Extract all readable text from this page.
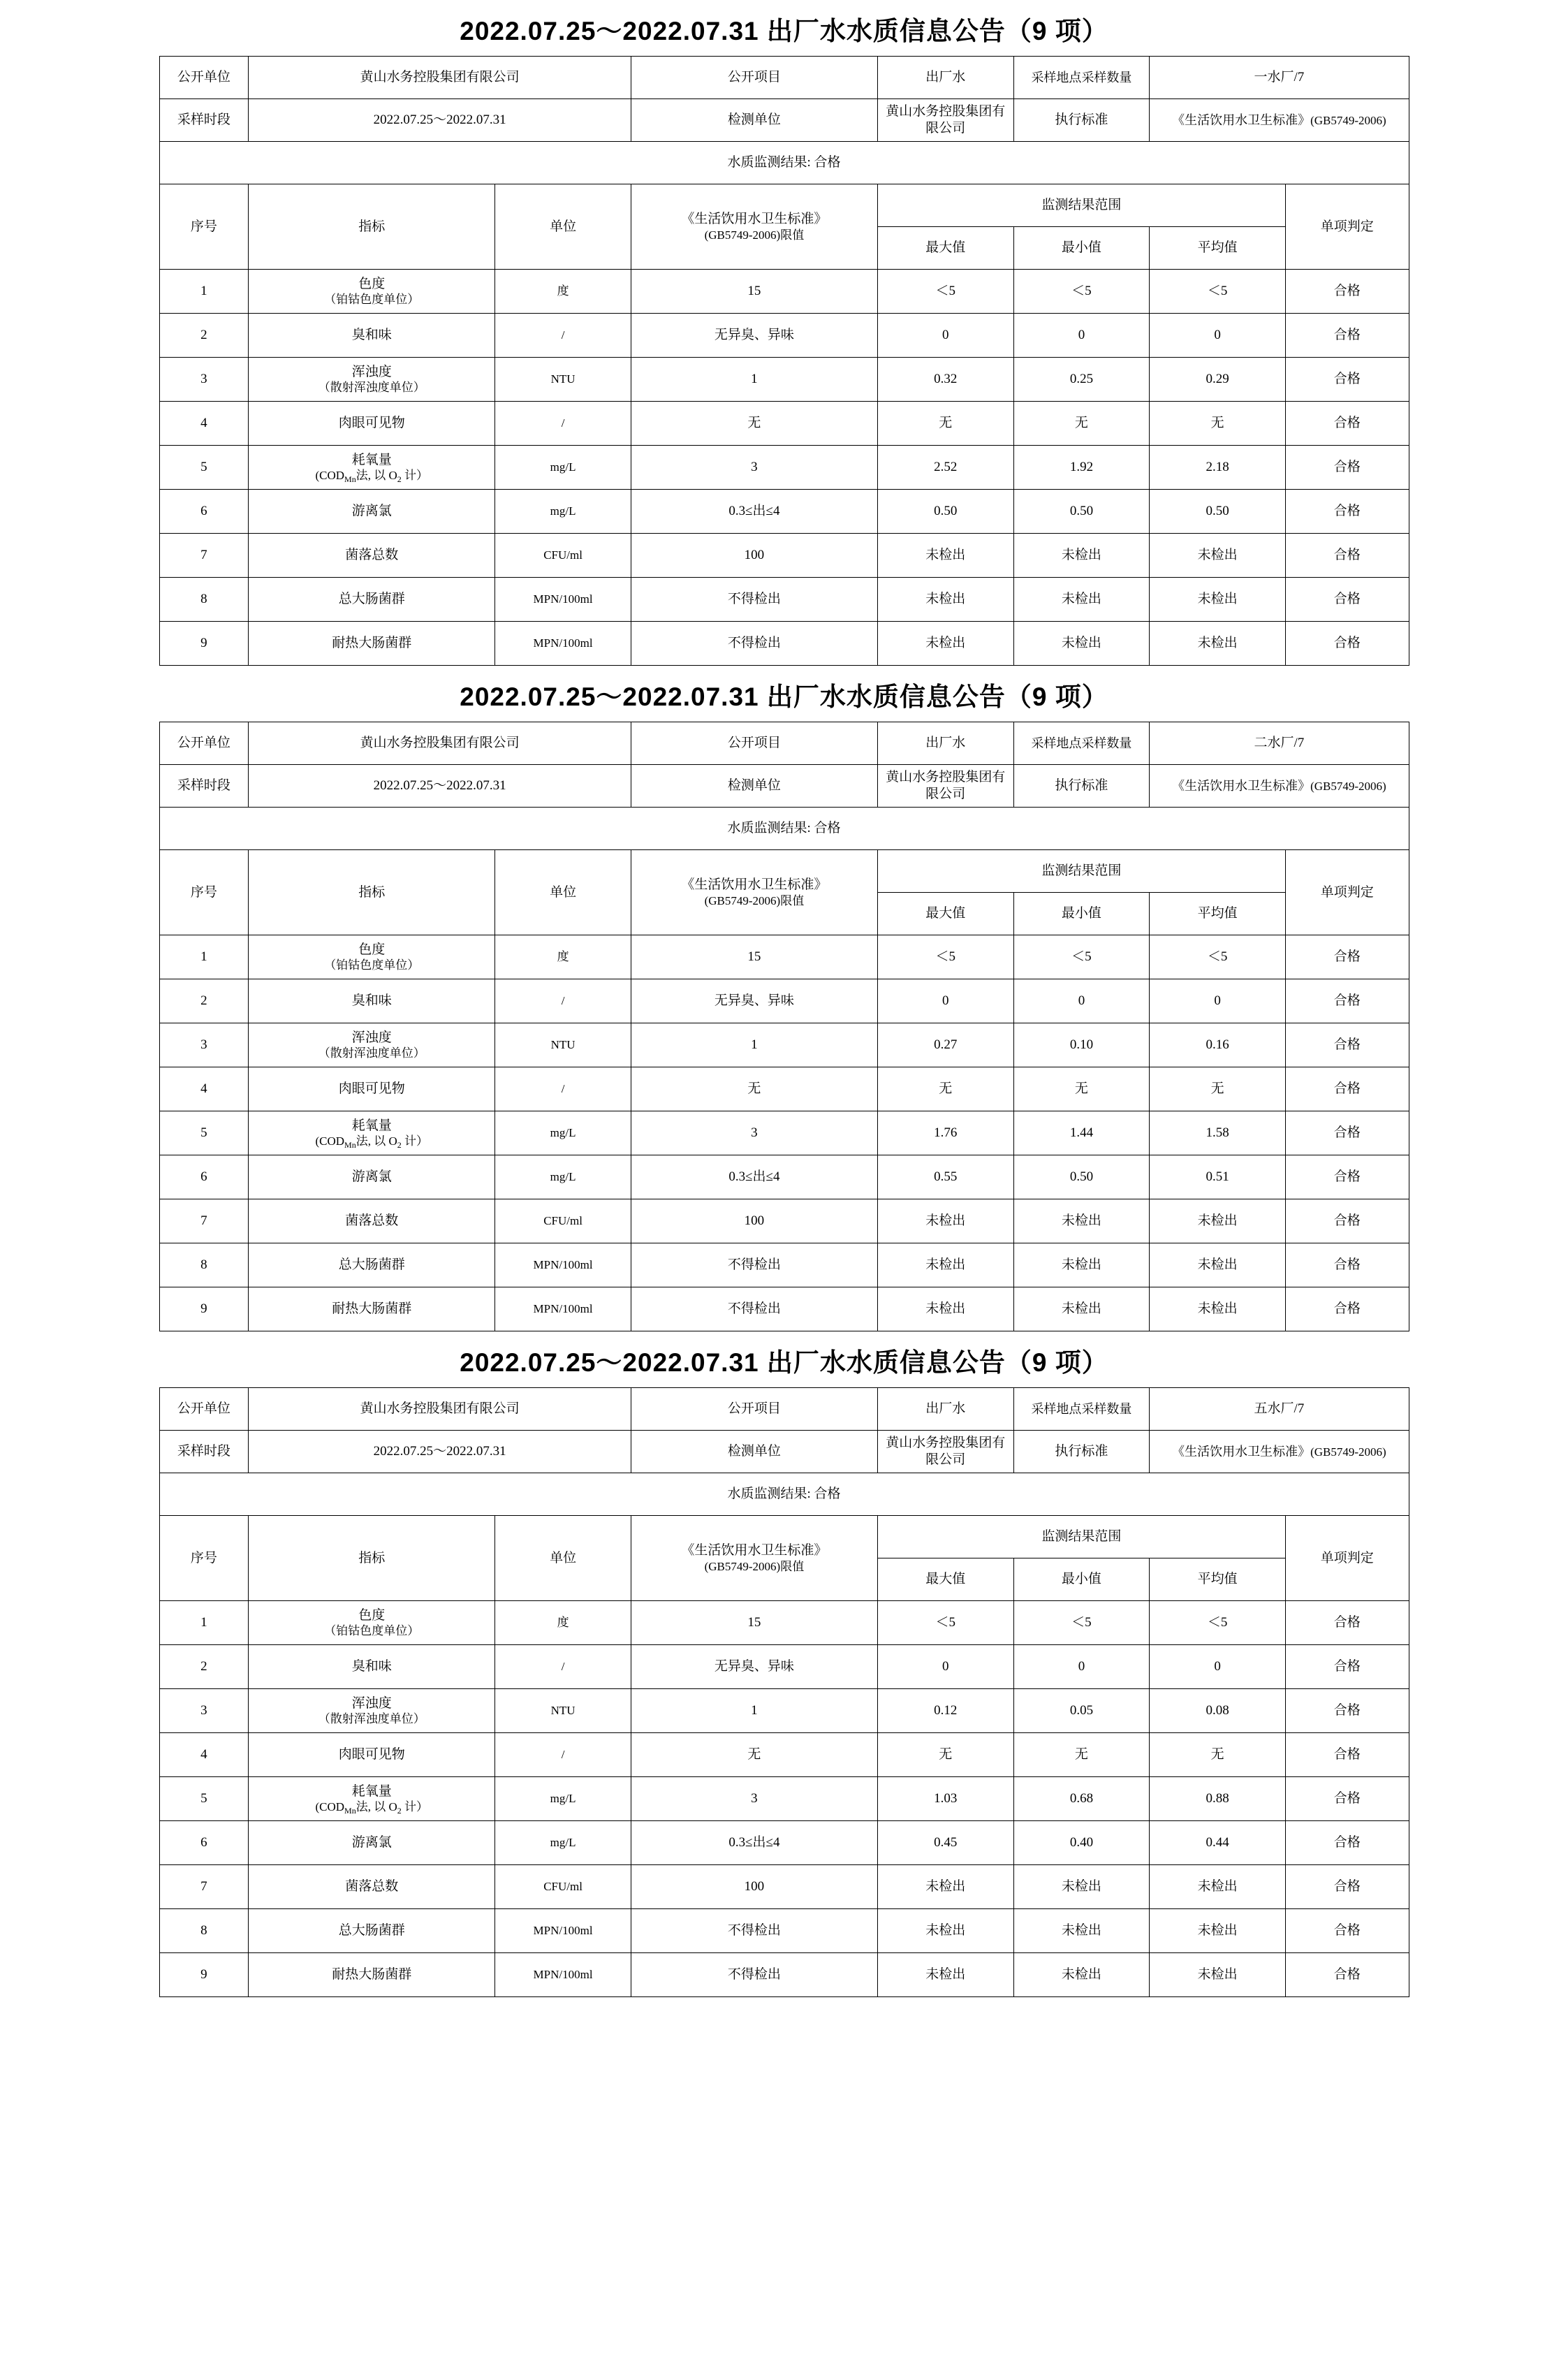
2022.07.25～2022.07.31 出厂水水质信息公告（9 项）
公开单位	黄山水务控股集团有限公司		公开项目	出厂水	采样地点采样数量	一水厂/7	
采样时段	2022.07.25～2022.07.31		检测单位	黄山水务控股集团有限公司	执行标准	《生活饮用水卫生标准》(GB5749-2006)	
水质监测结果: 合格							
序号	指标	单位	《生活饮用水卫生标准》
(GB5749-2006)限值	监测结果范围			单项判定
				最大值	最小值	平均值	
1	色度
（铂钴色度单位）	度	15	＜5	＜5	＜5	合格
2	臭和味	/	无异臭、异味	0	0	0	合格
3	浑浊度
（散射浑浊度单位）	NTU	1	0.32	0.25	0.29	合格
4	肉眼可见物	/	无	无	无	无	合格
5	耗氧量
($COD_{Mn}$法, 以 $O_2$ 计）	mg/L	3	2.52	1.92	2.18	合格
6	游离氯	mg/L	0.3≤出≤4	0.50	0.50	0.50	合格
7	菌落总数	CFU/ml	100	未检出	未检出	未检出	合格
8	总大肠菌群	MPN/100ml	不得检出	未检出	未检出	未检出	合格
9	耐热大肠菌群	MPN/100ml	不得检出	未检出	未检出	未检出	合格
2022.07.25～2022.07.31 出厂水水质信息公告（9 项）
公开单位	黄山水务控股集团有限公司		公开项目	出厂水	采样地点采样数量	二水厂/7	
采样时段	2022.07.25～2022.07.31		检测单位	黄山水务控股集团有限公司	执行标准	《生活饮用水卫生标准》(GB5749-2006)	
水质监测结果: 合格							
序号	指标	单位	《生活饮用水卫生标准》
(GB5749-2006)限值	监测结果范围			单项判定
				最大值	最小值	平均值	
1	色度
（铂钴色度单位）	度	15	＜5	＜5	＜5	合格
2	臭和味	/	无异臭、异味	0	0	0	合格
3	浑浊度
（散射浑浊度单位）	NTU	1	0.27	0.10	0.16	合格
4	肉眼可见物	/	无	无	无	无	合格
5	耗氧量
($COD_{Mn}$法, 以 $O_2$ 计）	mg/L	3	1.76	1.44	1.58	合格
6	游离氯	mg/L	0.3≤出≤4	0.55	0.50	0.51	合格
7	菌落总数	CFU/ml	100	未检出	未检出	未检出	合格
8	总大肠菌群	MPN/100ml	不得检出	未检出	未检出	未检出	合格
9	耐热大肠菌群	MPN/100ml	不得检出	未检出	未检出	未检出	合格
2022.07.25～2022.07.31 出厂水水质信息公告（9 项）
公开单位	黄山水务控股集团有限公司		公开项目	出厂水	采样地点采样数量	五水厂/7	
采样时段	2022.07.25～2022.07.31		检测单位	黄山水务控股集团有限公司	执行标准	《生活饮用水卫生标准》(GB5749-2006)	
水质监测结果: 合格							
序号	指标	单位	《生活饮用水卫生标准》
(GB5749-2006)限值	监测结果范围			单项判定
				最大值	最小值	平均值	
1	色度
（铂钴色度单位）	度	15	＜5	＜5	＜5	合格
2	臭和味	/	无异臭、异味	0	0	0	合格
3	浑浊度
（散射浑浊度单位）	NTU	1	0.12	0.05	0.08	合格
4	肉眼可见物	/	无	无	无	无	合格
5	耗氧量
($COD_{Mn}$法, 以 $O_2$ 计）	mg/L	3	1.03	0.68	0.88	合格
6	游离氯	mg/L	0.3≤出≤4	0.45	0.40	0.44	合格
7	菌落总数	CFU/ml	100	未检出	未检出	未检出	合格
8	总大肠菌群	MPN/100ml	不得检出	未检出	未检出	未检出	合格
9	耐热大肠菌群	MPN/100ml	不得检出	未检出	未检出	未检出	合格
